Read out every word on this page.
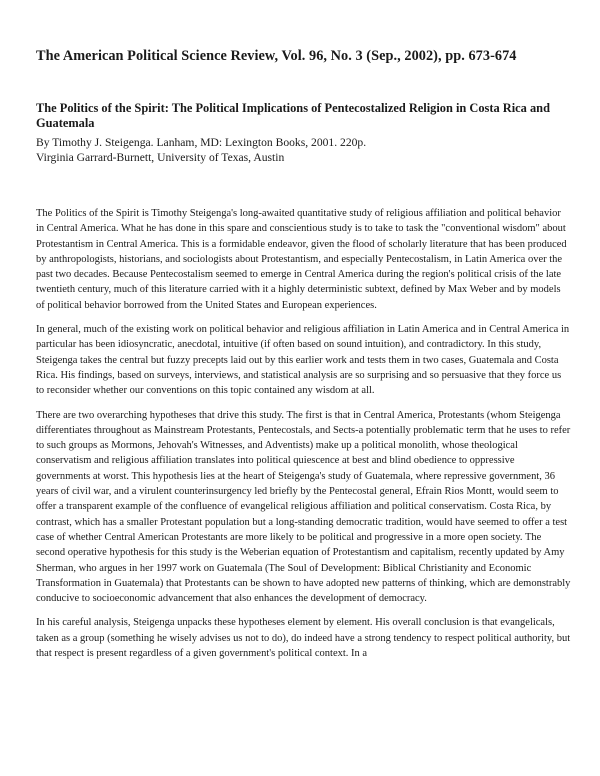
The American Political Science Review, Vol. 96, No. 3 (Sep., 2002), pp. 673-674
The Politics of the Spirit: The Political Implications of Pentecostalized Religion in Costa Rica and Guatemala
By Timothy J. Steigenga. Lanham, MD: Lexington Books, 2001. 220p.
Virginia Garrard-Burnett, University of Texas, Austin

The Politics of the Spirit is Timothy Steigenga's long-awaited quantitative study of religious affiliation and political behavior in Central America. What he has done in this spare and conscientious study is to take to task the "conventional wisdom" about Protestantism in Central America. This is a formidable endeavor, given the flood of scholarly literature that has been produced by anthropologists, historians, and sociologists about Protestantism, and especially Pentecostalism, in Latin America over the past two decades. Because Pentecostalism seemed to emerge in Central America during the region's political crisis of the late twentieth century, much of this literature carried with it a highly deterministic subtext, defined by Max Weber and by models of political behavior borrowed from the United States and European experiences.

In general, much of the existing work on political behavior and religious affiliation in Latin America and in Central America in particular has been idiosyncratic, anecdotal, intuitive (if often based on sound intuition), and contradictory. In this study, Steigenga takes the central but fuzzy precepts laid out by this earlier work and tests them in two cases, Guatemala and Costa Rica. His findings, based on surveys, interviews, and statistical analysis are so surprising and so persuasive that they force us to reconsider whether our conventions on this topic contained any wisdom at all.

There are two overarching hypotheses that drive this study. The first is that in Central America, Protestants (whom Steigenga differentiates throughout as Mainstream Protestants, Pentecostals, and Sects-a potentially problematic term that he uses to refer to such groups as Mormons, Jehovah's Witnesses, and Adventists) make up a political monolith, whose theological conservatism and religious affiliation translates into political quiescence at best and blind obedience to oppressive governments at worst. This hypothesis lies at the heart of Steigenga's study of Guatemala, where repressive government, 36 years of civil war, and a virulent counterinsurgency led briefly by the Pentecostal general, Efrain Rios Montt, would seem to offer a transparent example of the confluence of evangelical religious affiliation and political conservatism. Costa Rica, by contrast, which has a smaller Protestant population but a long-standing democratic tradition, would have seemed to offer a test case of whether Central American Protestants are more likely to be political and progressive in a more open society. The second operative hypothesis for this study is the Weberian equation of Protestantism and capitalism, recently updated by Amy Sherman, who argues in her 1997 work on Guatemala (The Soul of Development: Biblical Christianity and Economic Transformation in Guatemala) that Protestants can be shown to have adopted new patterns of thinking, which are demonstrably conducive to socioeconomic advancement that also enhances the development of democracy.

In his careful analysis, Steigenga unpacks these hypotheses element by element. His overall conclusion is that evangelicals, taken as a group (something he wisely advises us not to do), do indeed have a strong tendency to respect political authority, but that respect is present regardless of a given government's political context. In a
